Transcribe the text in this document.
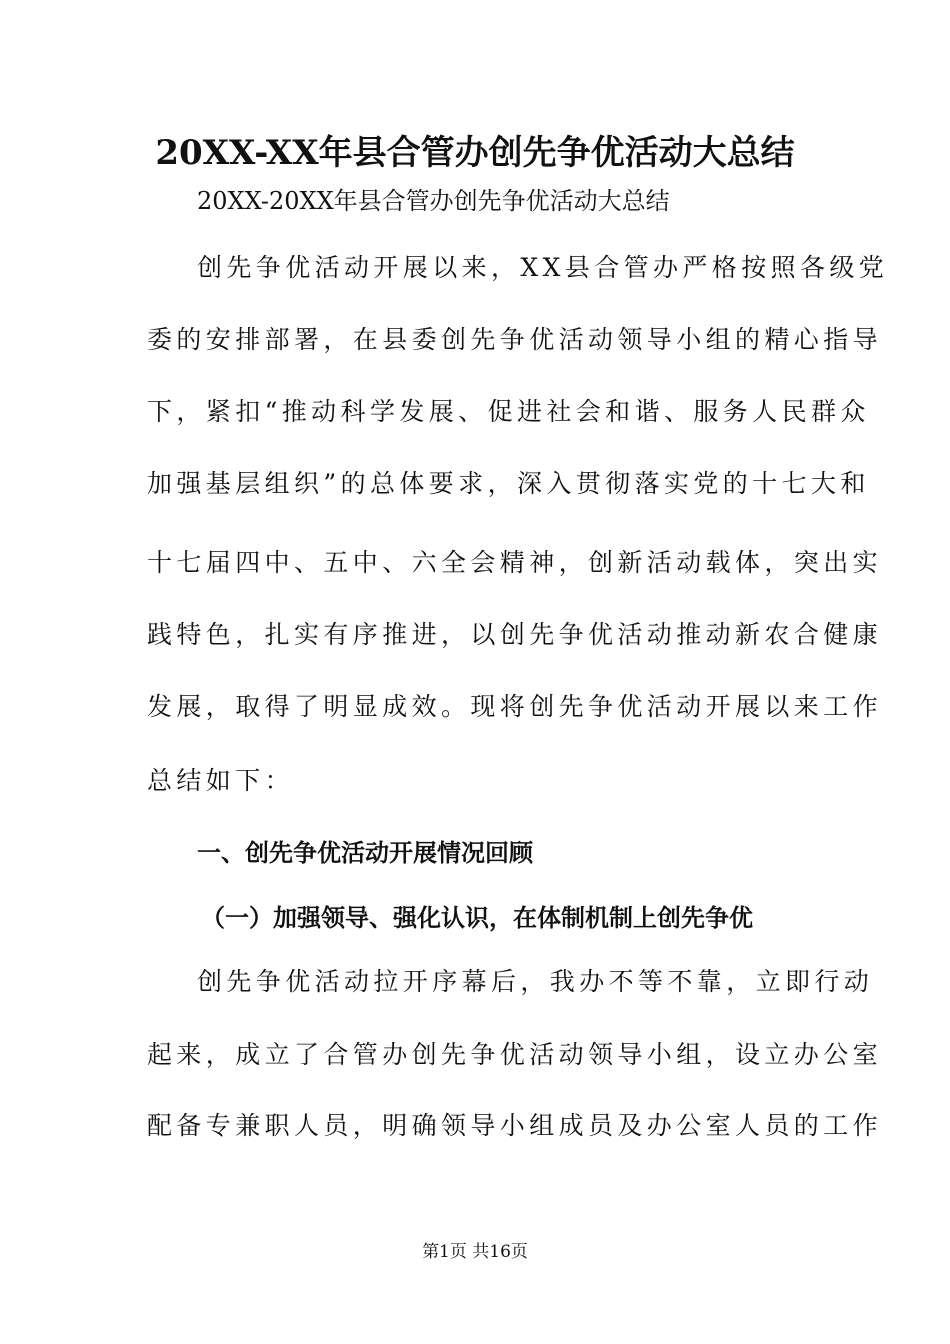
20XX-XX年县合管办创先争优活动大总结
20XX-20XX年县合管办创先争优活动大总结
创先争优活动开展以来，XX县合管办严格按照各级党
委的安排部署，在县委创先争优活动领导小组的精心指导
下，紧扣“推动科学发展、促进社会和谐、服务人民群众
加强基层组织”的总体要求，深入贯彻落实党的十七大和
十七届四中、五中、六全会精神，创新活动载体，突出实
践特色，扎实有序推进，以创先争优活动推动新农合健康
发展，取得了明显成效。现将创先争优活动开展以来工作
总结如下：
一、创先争优活动开展情况回顾
（一）加强领导、强化认识，在体制机制上创先争优
创先争优活动拉开序幕后，我办不等不靠，立即行动
起来，成立了合管办创先争优活动领导小组，设立办公室
配备专兼职人员，明确领导小组成员及办公室人员的工作
第1页 共16页
